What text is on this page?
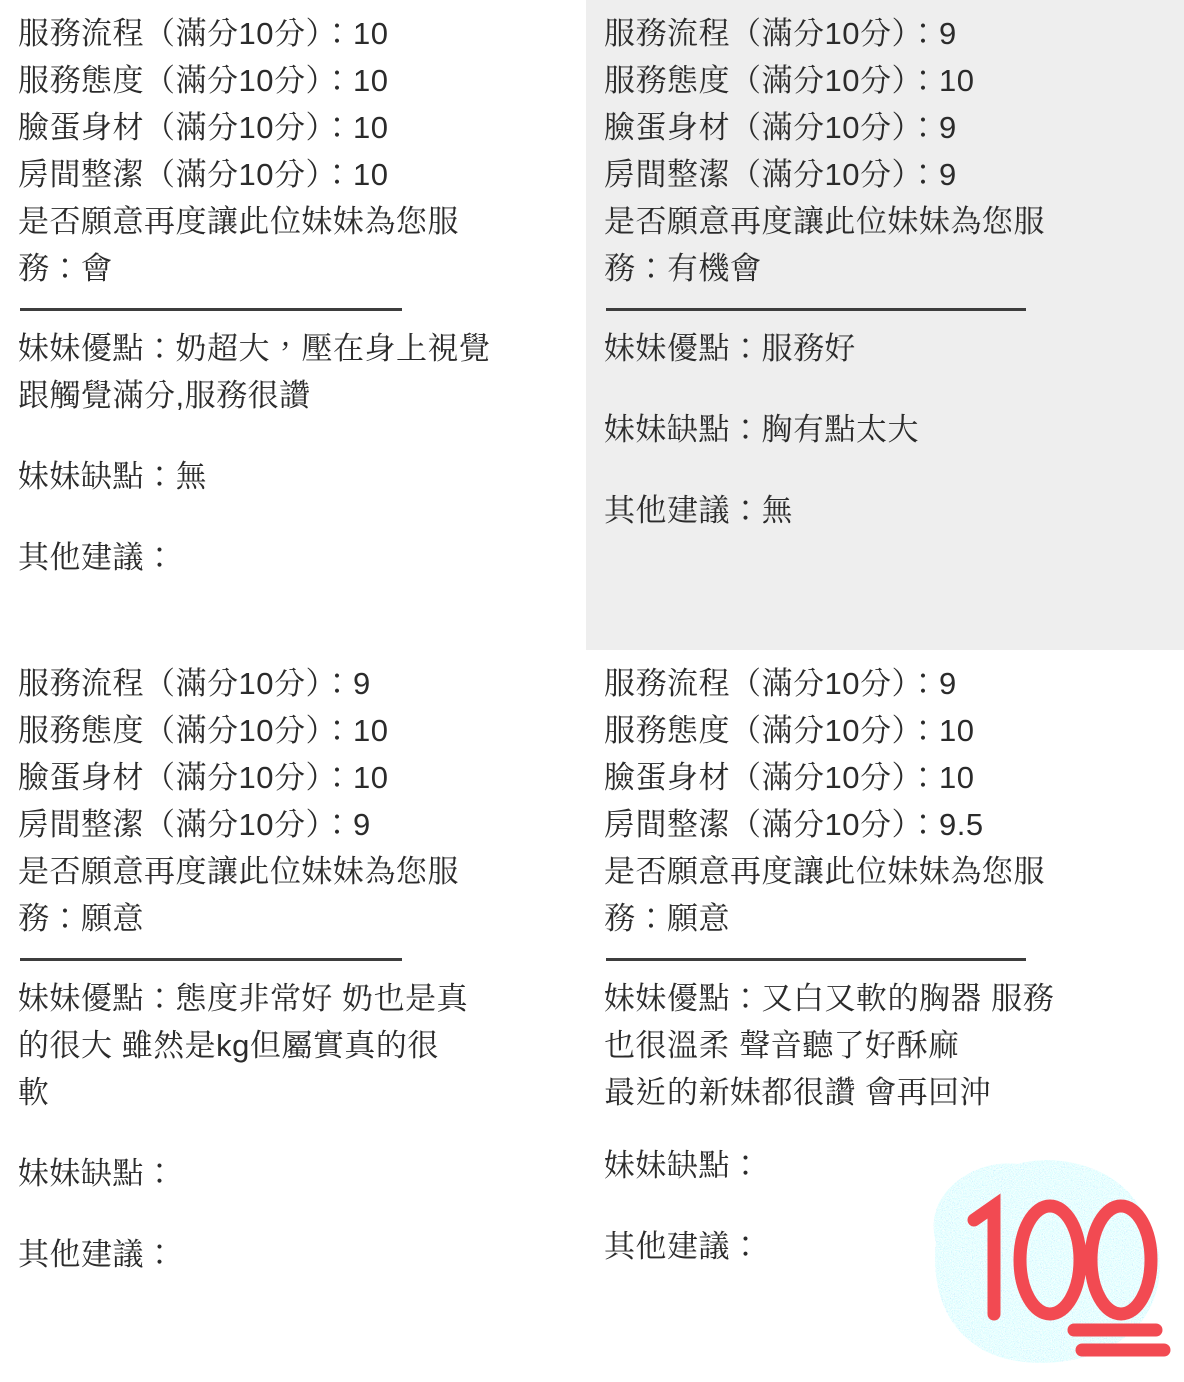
服務流程（滿分10分）：10
服務態度（滿分10分）：10
臉蛋身材（滿分10分）：10
房間整潔（滿分10分）：10
是否願意再度讓此位妹妹為您服
務：會
妹妹優點：奶超大，壓在身上視覺
跟觸覺滿分,服務很讚
妹妹缺點：無
其他建議：
服務流程（滿分10分）：9
服務態度（滿分10分）：10
臉蛋身材（滿分10分）：9
房間整潔（滿分10分）：9
是否願意再度讓此位妹妹為您服
務：有機會
妹妹優點：服務好
妹妹缺點：胸有點太大
其他建議：無
服務流程（滿分10分）：9
服務態度（滿分10分）：10
臉蛋身材（滿分10分）：10
房間整潔（滿分10分）：9
是否願意再度讓此位妹妹為您服
務：願意
妹妹優點：態度非常好 奶也是真
的很大 雖然是kg但屬實真的很
軟
妹妹缺點：
其他建議：
服務流程（滿分10分）：9
服務態度（滿分10分）：10
臉蛋身材（滿分10分）：10
房間整潔（滿分10分）：9.5
是否願意再度讓此位妹妹為您服
務：願意
妹妹優點：又白又軟的胸器 服務
也很溫柔 聲音聽了好酥麻
最近的新妹都很讚 會再回沖
妹妹缺點：
其他建議：
